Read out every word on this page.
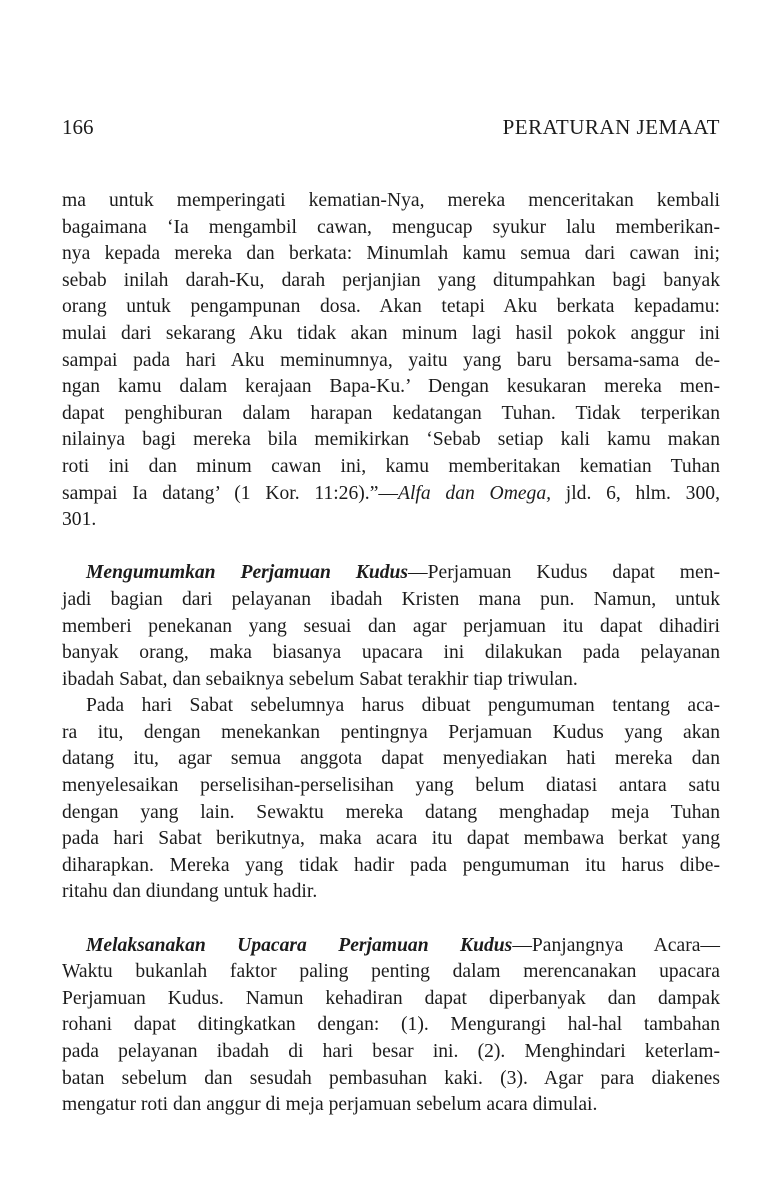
166	PERATURAN JEMAAT

ma untuk memperingati kematian-Nya, mereka menceritakan kembali
bagaimana ‘Ia mengambil cawan, mengucap syukur lalu memberikan-
nya kepada mereka dan berkata: Minumlah kamu semua dari cawan ini;
sebab inilah darah-Ku, darah perjanjian yang ditumpahkan bagi banyak
orang untuk pengampunan dosa. Akan tetapi Aku berkata kepadamu:
mulai dari sekarang Aku tidak akan minum lagi hasil pokok anggur ini
sampai pada hari Aku meminumnya, yaitu yang baru bersama-sama de-
ngan kamu dalam kerajaan Bapa-Ku.’ Dengan kesukaran mereka men-
dapat penghiburan dalam harapan kedatangan Tuhan. Tidak terperikan
nilainya bagi mereka bila memikirkan ‘Sebab setiap kali kamu makan
roti ini dan minum cawan ini, kamu memberitakan kematian Tuhan
sampai Ia datang’ (1 Kor. 11:26).”—Alfa dan Omega, jld. 6, hlm. 300,
301.

Mengumumkan Perjamuan Kudus—Perjamuan Kudus dapat men-
jadi bagian dari pelayanan ibadah Kristen mana pun. Namun, untuk
memberi penekanan yang sesuai dan agar perjamuan itu dapat dihadiri
banyak orang, maka biasanya upacara ini dilakukan pada pelayanan
ibadah Sabat, dan sebaiknya sebelum Sabat terakhir tiap triwulan.

Pada hari Sabat sebelumnya harus dibuat pengumuman tentang aca-
ra itu, dengan menekankan pentingnya Perjamuan Kudus yang akan
datang itu, agar semua anggota dapat menyediakan hati mereka dan
menyelesaikan perselisihan-perselisihan yang belum diatasi antara satu
dengan yang lain. Sewaktu mereka datang menghadap meja Tuhan
pada hari Sabat berikutnya, maka acara itu dapat membawa berkat yang
diharapkan. Mereka yang tidak hadir pada pengumuman itu harus dibe-
ritahu dan diundang untuk hadir.

Melaksanakan Upacara Perjamuan Kudus—Panjangnya Acara—
Waktu bukanlah faktor paling penting dalam merencanakan upacara
Perjamuan Kudus. Namun kehadiran dapat diperbanyak dan dampak
rohani dapat ditingkatkan dengan: (1). Mengurangi hal-hal tambahan
pada pelayanan ibadah di hari besar ini. (2). Menghindari keterlam-
batan sebelum dan sesudah pembasuhan kaki. (3). Agar para diakenes
mengatur roti dan anggur di meja perjamuan sebelum acara dimulai.
